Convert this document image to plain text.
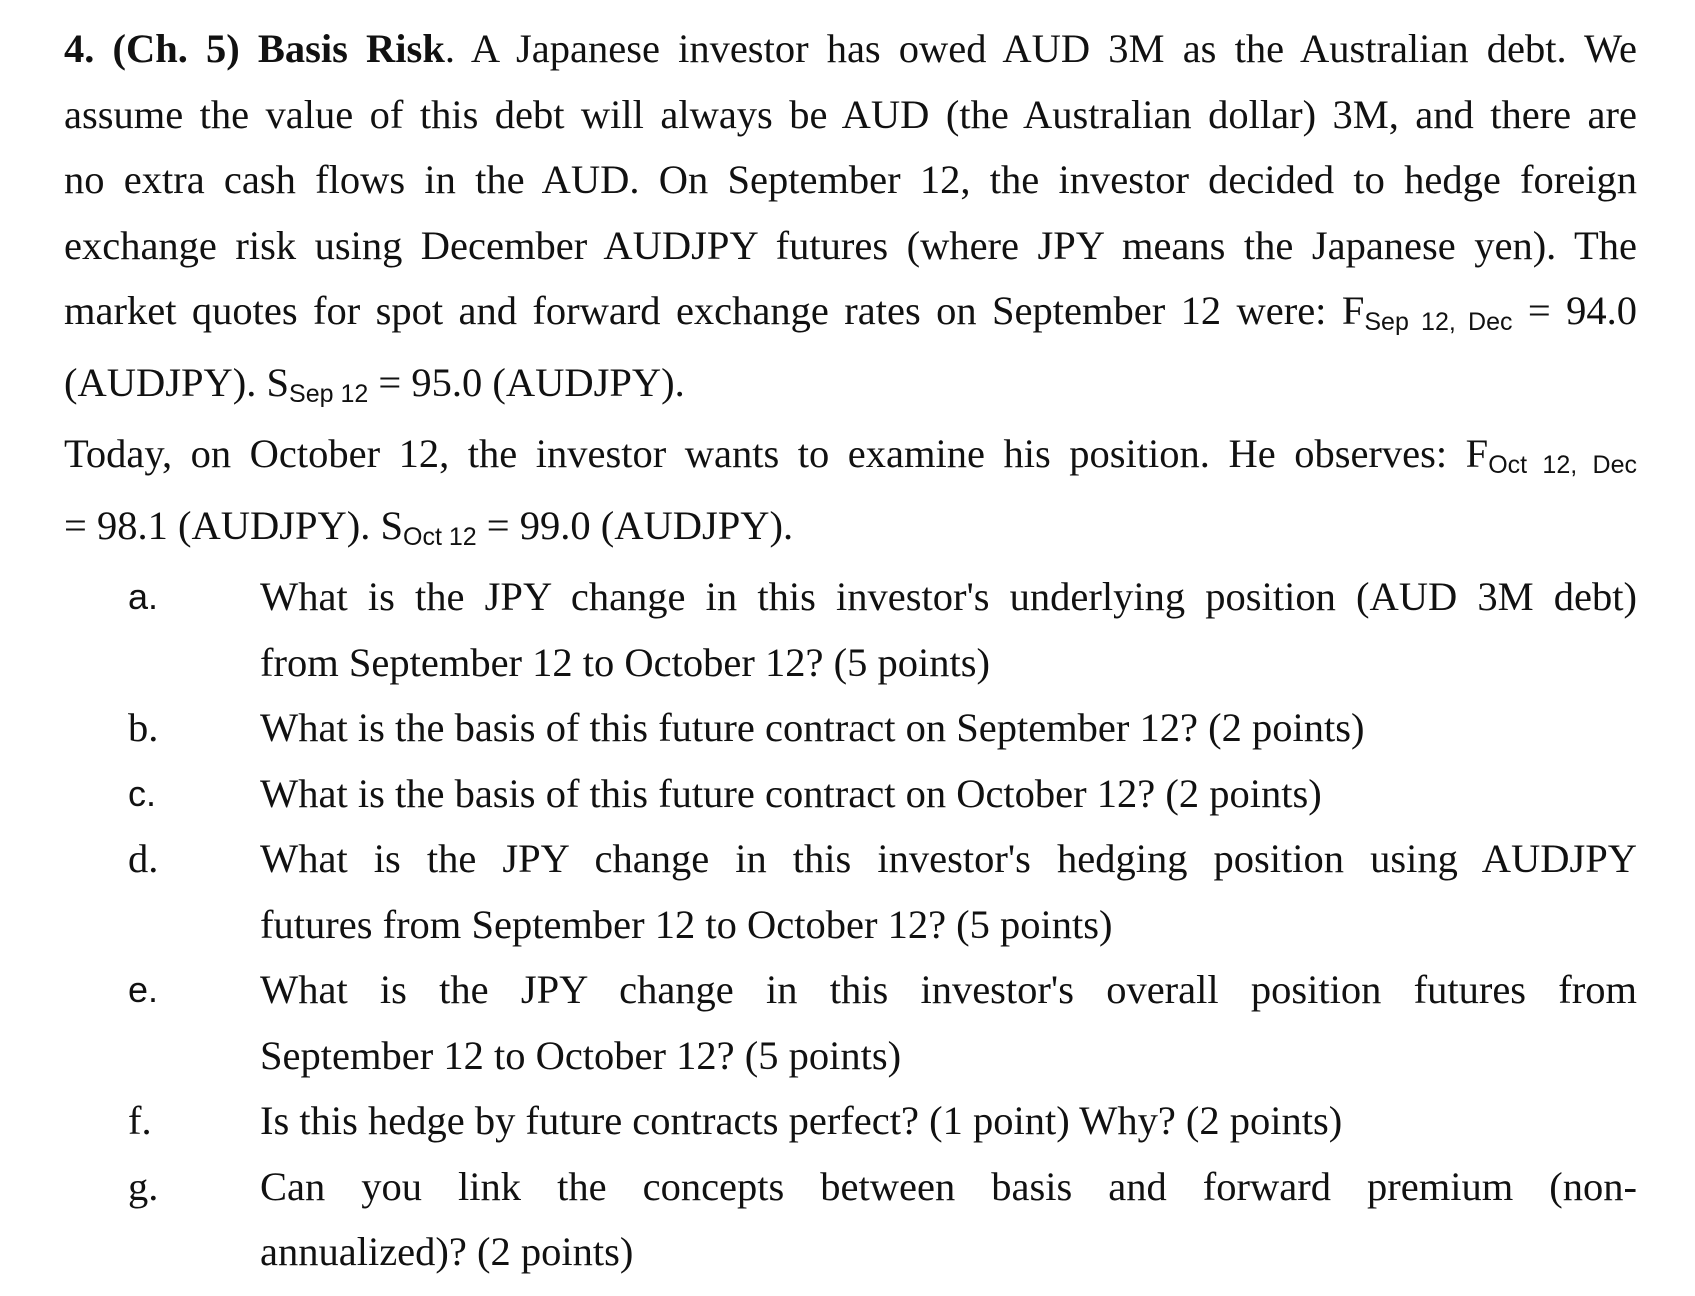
4. (Ch. 5) Basis Risk. A Japanese investor has owed AUD 3M as the Australian debt. We

assume the value of this debt will always be AUD (the Australian dollar) 3M, and there are

no extra cash flows in the AUD. On September 12, the investor decided to hedge foreign

exchange risk using December AUDJPY futures (where JPY means the Japanese yen). The

market quotes for spot and forward exchange rates on September 12 were: FSep 12, Dec = 94.0

(AUDJPY). SSep 12 = 95.0 (AUDJPY).

Today, on October 12, the investor wants to examine his position. He observes: FOct 12, Dec

= 98.1 (AUDJPY). SOct 12 = 99.0 (AUDJPY).

a.	What is the JPY change in this investor's underlying position (AUD 3M debt)
from September 12 to October 12? (5 points)
b.	What is the basis of this future contract on September 12? (2 points)
c.	What is the basis of this future contract on October 12? (2 points)
d.	What is the JPY change in this investor's hedging position using AUDJPY
futures from September 12 to October 12? (5 points)
e.	What is the JPY change in this investor's overall position futures from
September 12 to October 12? (5 points)
f.	Is this hedge by future contracts perfect? (1 point) Why? (2 points)
g.	Can you link the concepts between basis and forward premium (non-
annualized)? (2 points)
